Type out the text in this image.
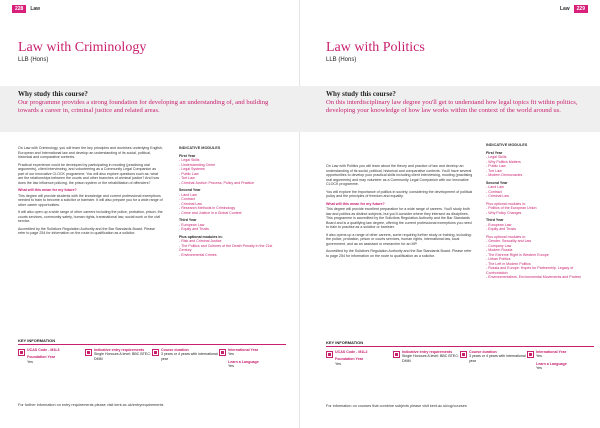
228	Law
Law with Criminology
LLB (Hons)
Why study this course?
Our programme provides a strong foundation for developing an understanding of, and building towards a career in, criminal justice and related areas.

On Law with Criminology, you will learn the key principles and doctrines underlying English, European and International law and develop an understanding of its social, political, historical and comparative contexts.

Practical experience could be developed by participating in mooting (practising oral arguments), client interviewing, and volunteering as a Community Legal Companion as part of our innovative CLOCK programme. You will also explore questions such as: what are the relationships between the courts and other branches of criminal justice? And how does the law influence policing, the prison system or the rehabilitation of offenders?

What will this mean for my future?

This degree will provide students with the knowledge and current professional exemptions needed to train to become a solicitor or barrister. It will also prepare you for a wide range of other career opportunities.

It will also open up a wide range of other careers including the police, probation, prison, the courts services, community safety, human rights, transnational law, social work or the civil service.

Accredited by the Solicitors Regulation Authority and the Bar Standards Board. Please refer to page 254 for information on the route to qualification as a solicitor.

INDICATIVE MODULES
First Year
- Legal Skills
- Understanding Crime
- Legal Systems
- Public Law
- Tort Law
- Criminal Justice: Process, Policy and Practice
Second Year
- Land Law
- Contract
- Criminal Law
- Research Methods in Criminology
- Crime and Justice in a Global Context
Third Year
- European Law
- Equity and Trusts
Plus optional modules in:
- Risk and Criminal Justice
- The Politics and Cultures of the Death Penalty in the 21st Century
- Environmental Crimes
KEY INFORMATION
UCAS Code - M1L3
Foundation Year
Yes
Indicative entry requirements
Single Honours A level: BBC BTEC: DMM
Course duration
3 years or 4 years with international year
International Year
Yes
Learn a Language
Yes
For further information on entry requirements please visit kent.ac.uk/entryrequirements
Law	229
Law with Politics
LLB (Hons)
Why study this course?
On this interdisciplinary law degree you'll get to understand how legal topics fit within politics, developing your knowledge of how law works within the context of the world around us.

On Law with Politics you will learn about the theory and practice of law and develop an understanding of its social, political, historical and comparative contexts. You'll have several opportunities to develop your practical skills including client interviewing, mooting (practising oral arguments) and may volunteer as a Community Legal Companion with our innovative CLOCK programme.

You will explore the importance of politics in society, considering the development of political policy and the principles of freedom and equality.

What will this mean for my future?

This degree will provide excellent preparation for a wide range of careers. You'll study both law and politics as distinct subjects, but you'll consider where they intersect as disciplines. This programme is accredited by the Solicitors Regulation Authority and the Bar Standards Board and is a qualifying law degree, offering the current professional exemptions you need to train to practise as a solicitor or barrister.

It also opens up a range of other careers, some requiring further study or training, including: the police, probation, prison or courts services, human rights, international law, local government, and as an assistant or researcher for an MP.

Accredited by the Solicitors Regulation Authority and the Bar Standards Board. Please refer to page 254 for information on the route to qualification as a solicitor.

INDICATIVE MODULES
First Year
- Legal Skills
- Why Politics Matters
- Public Law
- Tort Law
- Modern Democracies
Second Year
- Land Law
- Contract
- Criminal Law
Plus optional modules in:
- Politics of the European Union
- Why Policy Changes
Third Year
- European Law
- Equity and Trusts
Plus optional modules in:
- Gender, Sexuality and Law
- Company Law
- Modern Russia
- The Extreme Right in Western Europe
- Urban Politics
- The Left in Modern Politics
- Russia and Europe: Hopes for Partnership, Legacy of Confrontation
- Environmentalism, Environmental Movements and Protest
KEY INFORMATION
UCAS Code - M1L2
Foundation Year
Yes
Indicative entry requirements
Single Honours A level: BBC BTEC: DMM
Course duration
3 years or 4 years with international year
International Year
Yes
Learn a Language
Yes
For information on courses that combine subjects please visit kent.ac.uk/ug/courses
